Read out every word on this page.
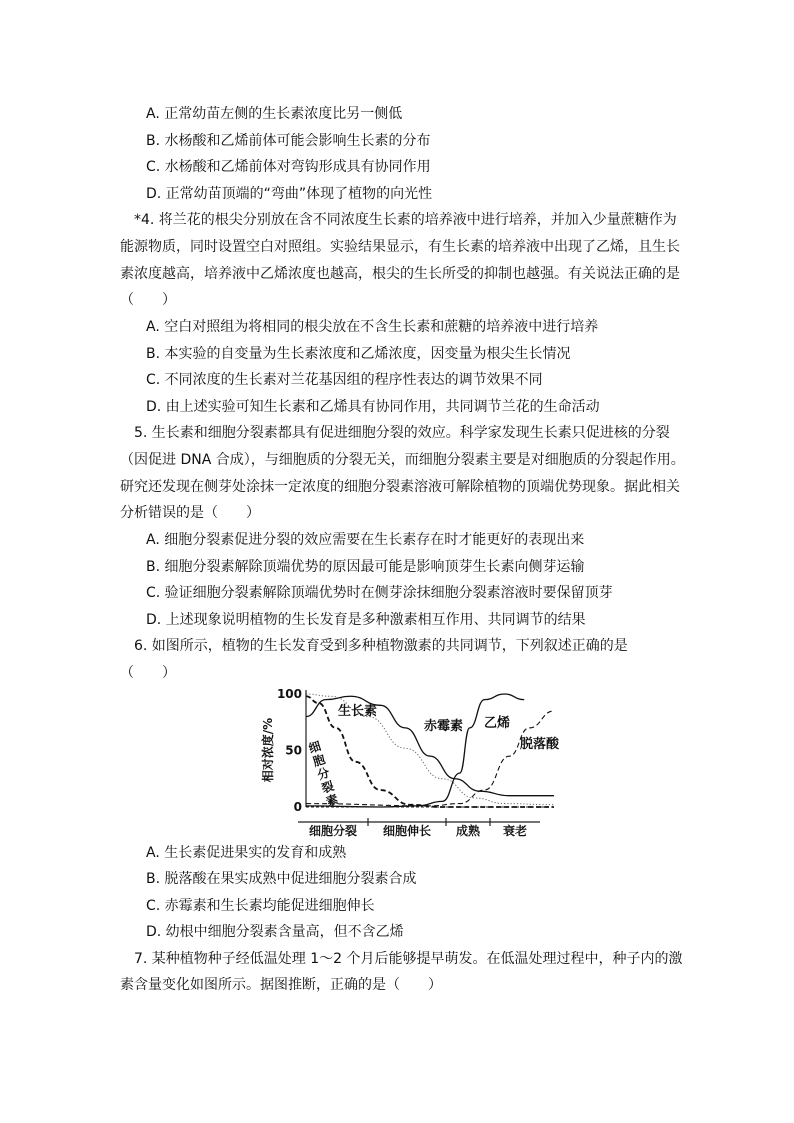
A. 正常幼苗左侧的生长素浓度比另一侧低
B. 水杨酸和乙烯前体可能会影响生长素的分布
C. 水杨酸和乙烯前体对弯钩形成具有协同作用
D. 正常幼苗顶端的“弯曲”体现了植物的向光性
*4. 将兰花的根尖分别放在含不同浓度生长素的培养液中进行培养，并加入少量蔗糖作为
能源物质，同时设置空白对照组。实验结果显示，有生长素的培养液中出现了乙烯，且生长
素浓度越高，培养液中乙烯浓度也越高，根尖的生长所受的抑制也越强。有关说法正确的是
（　　）
A. 空白对照组为将相同的根尖放在不含生长素和蔗糖的培养液中进行培养
B. 本实验的自变量为生长素浓度和乙烯浓度，因变量为根尖生长情况
C. 不同浓度的生长素对兰花基因组的程序性表达的调节效果不同
D. 由上述实验可知生长素和乙烯具有协同作用，共同调节兰花的生命活动
5. 生长素和细胞分裂素都具有促进细胞分裂的效应。科学家发现生长素只促进核的分裂
（因促进 DNA 合成），与细胞质的分裂无关，而细胞分裂素主要是对细胞质的分裂起作用。
研究还发现在侧芽处涂抹一定浓度的细胞分裂素溶液可解除植物的顶端优势现象。据此相关
分析错误的是（　　）
A. 细胞分裂素促进分裂的效应需要在生长素存在时才能更好的表现出来
B. 细胞分裂素解除顶端优势的原因最可能是影响顶芽生长素向侧芽运输
C. 验证细胞分裂素解除顶端优势时在侧芽涂抹细胞分裂素溶液时要保留顶芽
D. 上述现象说明植物的生长发育是多种激素相互作用、共同调节的结果
6. 如图所示，植物的生长发育受到多种植物激素的共同调节，下列叙述正确的是
（　　）
100
50
0
相对浓度/%
细胞分裂 细胞伸长 成熟 衰老
生长素
细
胞
分
裂
素
赤霉素 乙烯
脱落酸
A. 生长素促进果实的发育和成熟
B. 脱落酸在果实成熟中促进细胞分裂素合成
C. 赤霉素和生长素均能促进细胞伸长
D. 幼根中细胞分裂素含量高，但不含乙烯
7. 某种植物种子经低温处理 1～2 个月后能够提早萌发。在低温处理过程中，种子内的激
素含量变化如图所示。据图推断，正确的是（　　）
